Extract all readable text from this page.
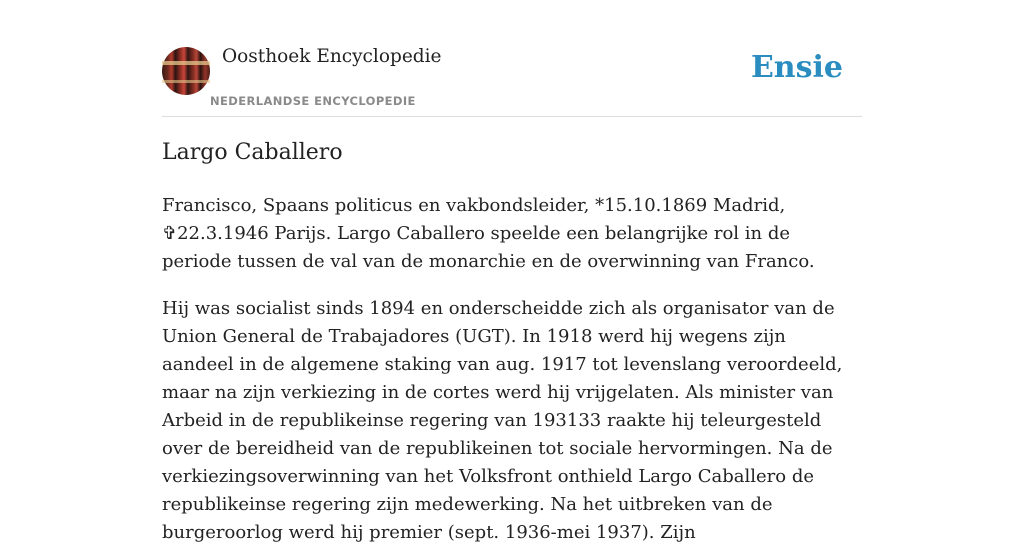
Oosthoek Encyclopedie
NEDERLANDSE ENCYCLOPEDIE
Ensie
Largo Caballero

Francisco, Spaans politicus en vakbondsleider, *15.10.1869 Madrid, ✞22.3.1946 Parijs. Largo Caballero speelde een belangrijke rol in de periode tussen de val van de monarchie en de overwinning van Franco.

Hij was socialist sinds 1894 en onderscheidde zich als organisator van de Union General de Trabajadores (UGT). In 1918 werd hij wegens zijn aandeel in de algemene staking van aug. 1917 tot levenslang veroordeeld, maar na zijn verkiezing in de cortes werd hij vrijgelaten. Als minister van Arbeid in de republikeinse regering van 193133 raakte hij teleurgesteld over de bereidheid van de republikeinen tot sociale hervormingen. Na de verkiezingsoverwinning van het Volksfront onthield Largo Caballero de republikeinse regering zijn medewerking. Na het uitbreken van de burgeroorlog werd hij premier (sept. 1936-mei 1937). Zijn
